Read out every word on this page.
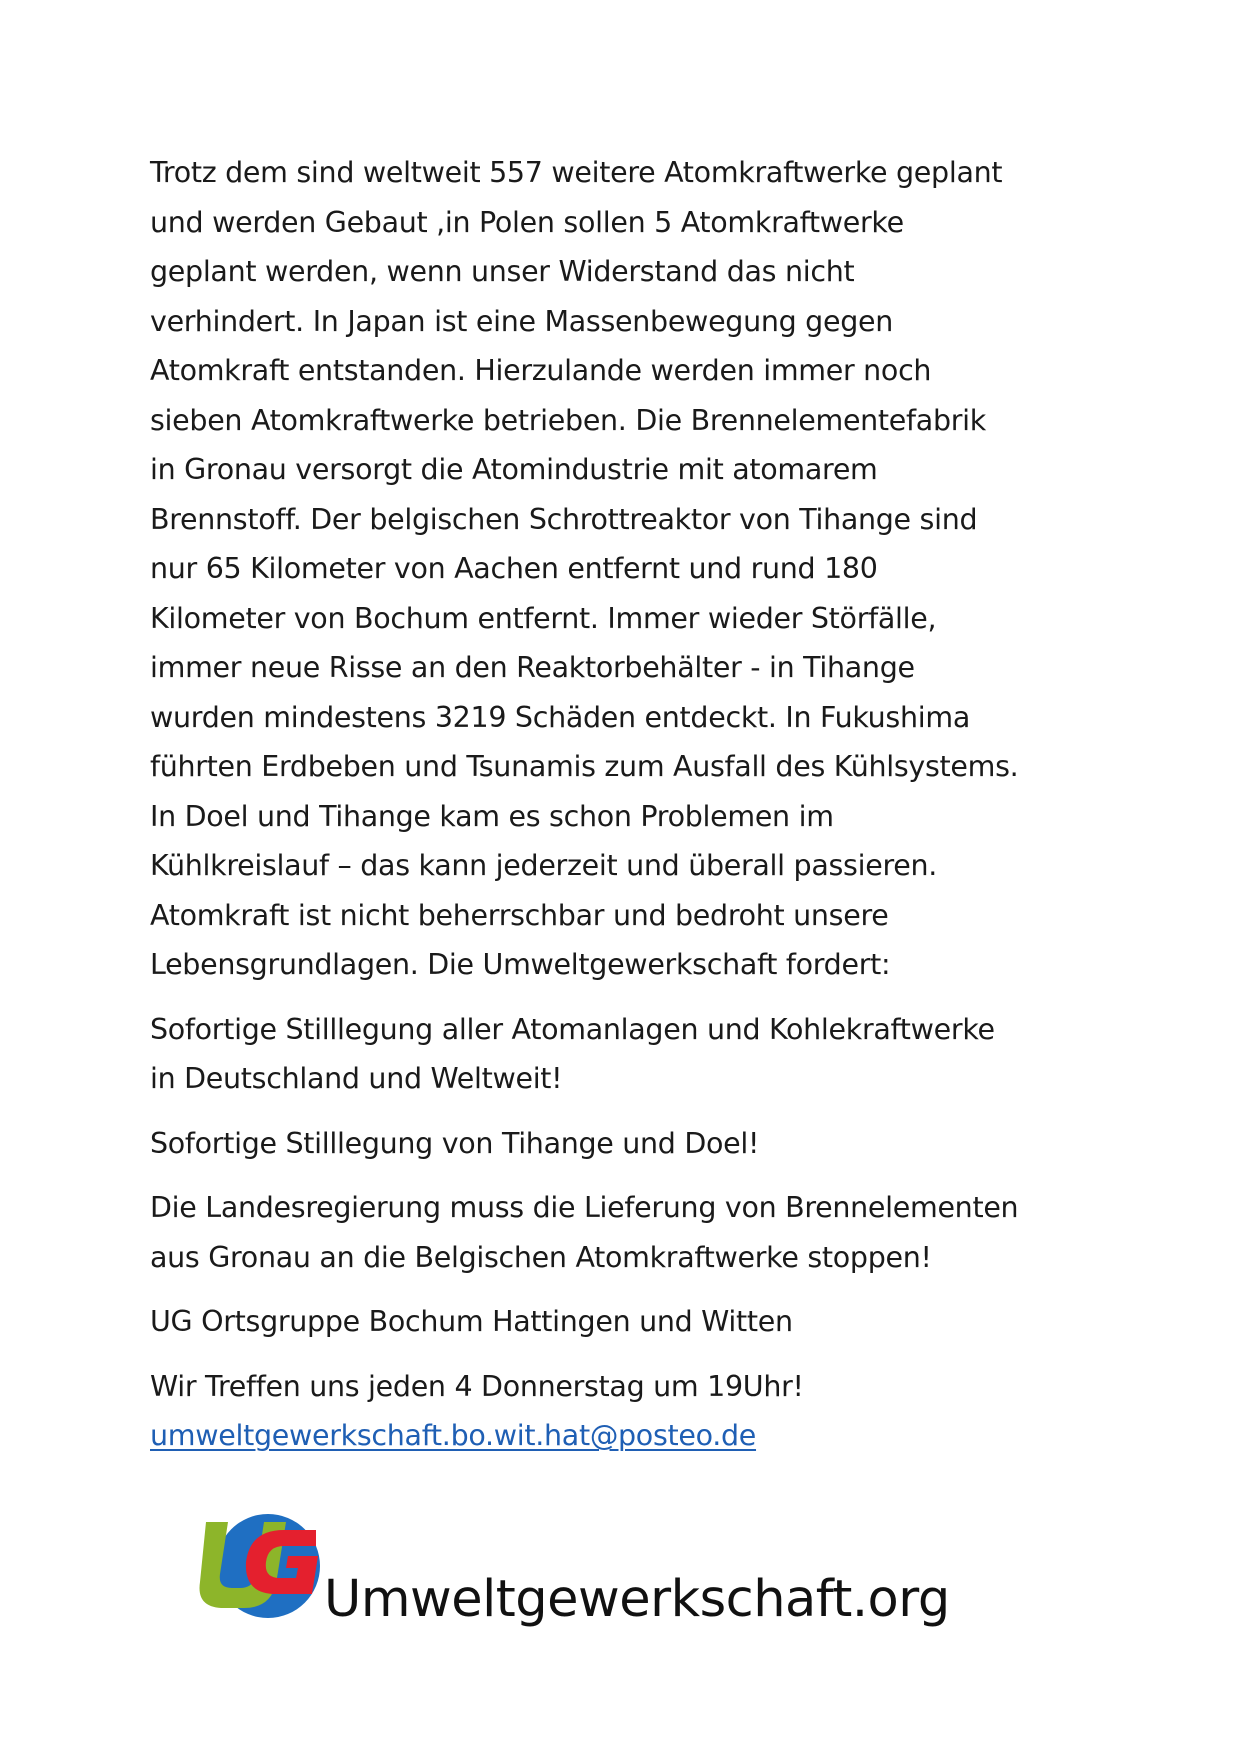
Trotz dem sind weltweit 557 weitere Atomkraftwerke geplant
und werden Gebaut ,in Polen sollen 5 Atomkraftwerke
geplant werden, wenn unser Widerstand das nicht
verhindert. In Japan ist eine Massenbewegung gegen
Atomkraft entstanden. Hierzulande werden immer noch
sieben Atomkraftwerke betrieben. Die Brennelementefabrik
in Gronau versorgt die Atomindustrie mit atomarem
Brennstoff. Der belgischen Schrottreaktor von Tihange sind
nur 65 Kilometer von Aachen entfernt und rund 180
Kilometer von Bochum entfernt. Immer wieder Störfälle,
immer neue Risse an den Reaktorbehälter - in Tihange
wurden mindestens 3219 Schäden entdeckt. In Fukushima
führten Erdbeben und Tsunamis zum Ausfall des Kühlsystems.
In Doel und Tihange kam es schon Problemen im
Kühlkreislauf – das kann jederzeit und überall passieren.
Atomkraft ist nicht beherrschbar und bedroht unsere
Lebensgrundlagen. Die Umweltgewerkschaft fordert:
Sofortige Stilllegung aller Atomanlagen und Kohlekraftwerke
in Deutschland und Weltweit!
Sofortige Stilllegung von Tihange und Doel!
Die Landesregierung muss die Lieferung von Brennelementen
aus Gronau an die Belgischen Atomkraftwerke stoppen!
UG Ortsgruppe Bochum Hattingen und Witten
Wir Treffen uns jeden 4 Donnerstag um 19Uhr!
umweltgewerkschaft.bo.wit.hat@posteo.de
Umweltgewerkschaft.org
